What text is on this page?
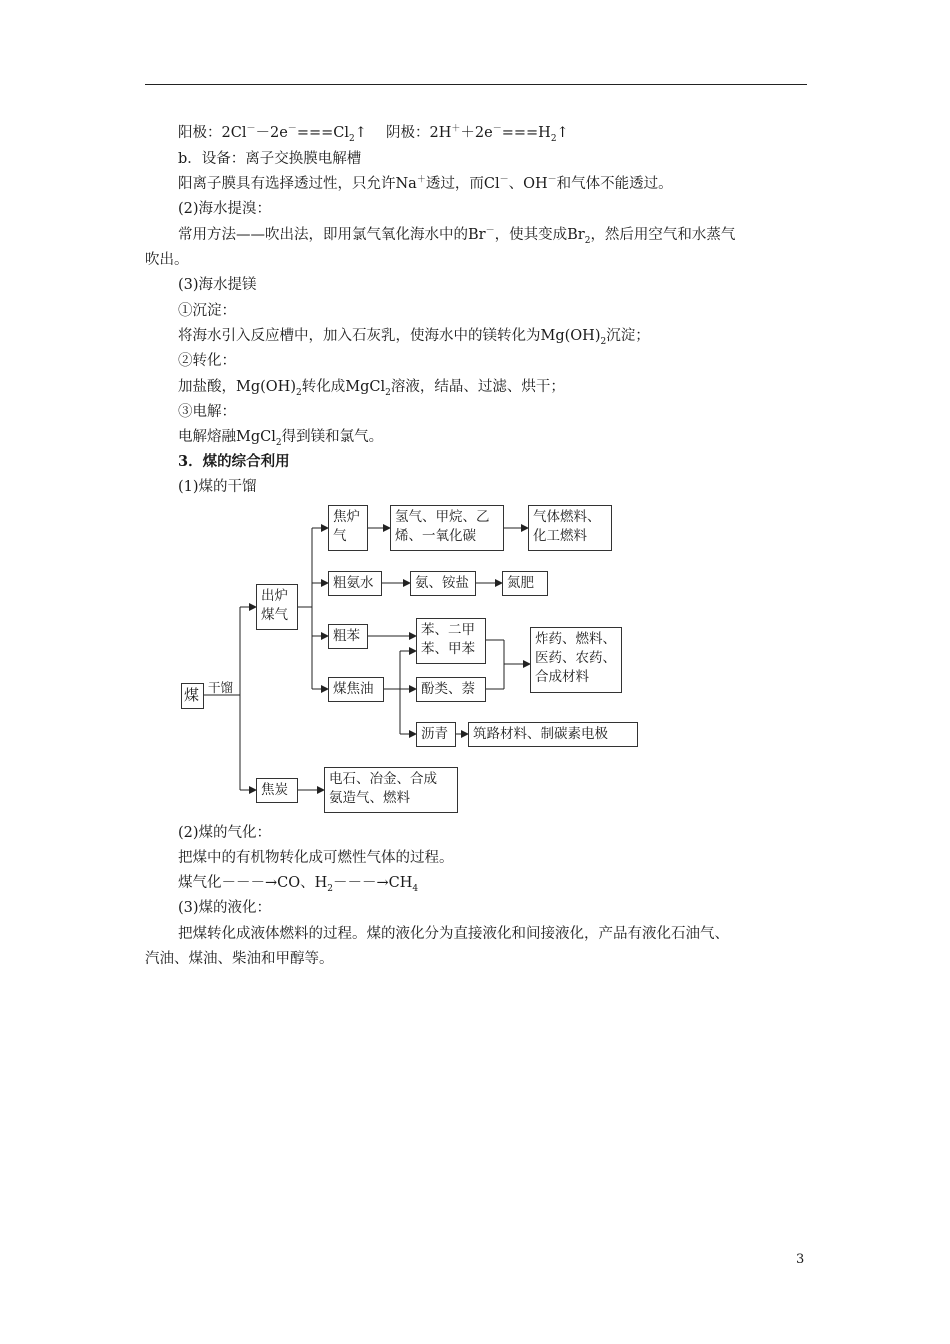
阳极：$2Cl^--2e^-===Cl_2↑$　 阴极：$2H^++2e^-===H_2↑$
b．设备：离子交换膜电解槽
阳离子膜具有选择透过性，只允许Na＋透过，而Cl－、OH－和气体不能透过。
(2)海水提溴：
常用方法——吹出法，即用氯气氧化海水中的Br－，使其变成$Br_2$，然后用空气和水蒸气
吹出。
(3)海水提镁
①沉淀：
将海水引入反应槽中，加入石灰乳，使海水中的镁转化为$Mg(OH)_2$沉淀；
②转化：
加盐酸，$Mg(OH)_2$转化成MgCl$_2$溶液，结晶、过滤、烘干；
③电解：
电解熔融MgCl$_2$得到镁和氯气。
3．煤的综合利用
(1)煤的干馏
煤 干馏
出炉
煤气
焦炉
气
氢气、甲烷、乙
烯、一氧化碳
气体燃料、
化工燃料
粗氨水	氨、铵盐	氮肥
粗苯	苯、二甲
苯、甲苯
炸药、燃料、
医药、农药、
合成材料
煤焦油	酚类、萘
沥青	筑路材料、制碳素电极
焦炭
电石、冶金、合成
氨造气、燃料
(2)煤的气化：
把煤中的有机物转化成可燃性气体的过程。
煤气化－－－→CO、$H_2---\to CH_4$
(3)煤的液化：
把煤转化成液体燃料的过程。煤的液化分为直接液化和间接液化，产品有液化石油气、
汽油、煤油、柴油和甲醇等。
3
